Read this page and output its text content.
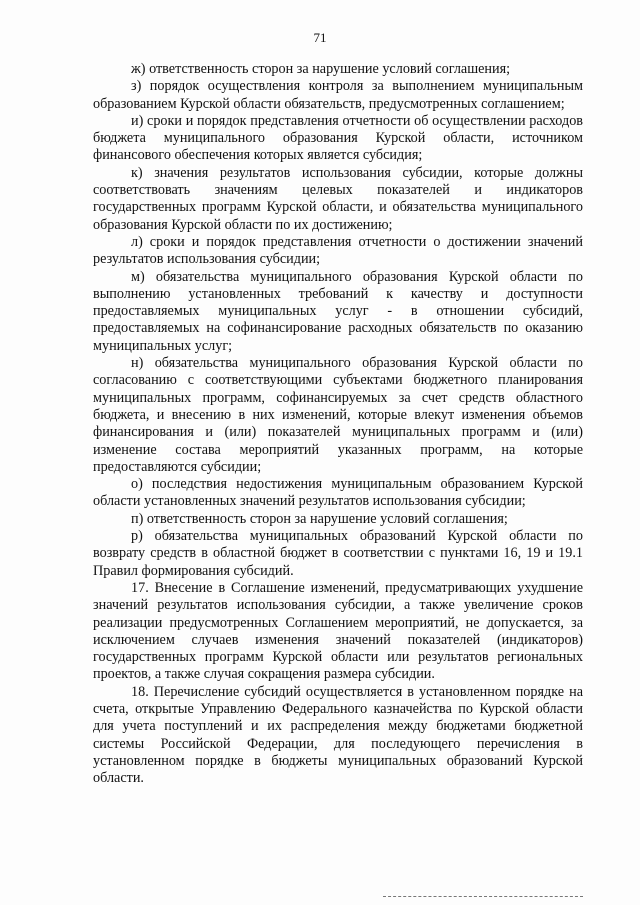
71

ж) ответственность сторон за нарушение условий соглашения;

з) порядок осуществления контроля за выполнением муниципальным образованием Курской области обязательств, предусмотренных соглашением;

и) сроки и порядок представления отчетности об осуществлении расходов бюджета муниципального образования Курской области, источником финансового обеспечения которых является субсидия;

к) значения результатов использования субсидии, которые должны соответствовать значениям целевых показателей и индикаторов государственных программ Курской области, и обязательства муниципального образования Курской области по их достижению;

л) сроки и порядок представления отчетности о достижении значений результатов использования субсидии;

м) обязательства муниципального образования Курской области по выполнению установленных требований к качеству и доступности предоставляемых муниципальных услуг - в отношении субсидий, предоставляемых на софинансирование расходных обязательств по оказанию муниципальных услуг;

н) обязательства муниципального образования Курской области по согласованию с соответствующими субъектами бюджетного планирования муниципальных программ, софинансируемых за счет средств областного бюджета, и внесению в них изменений, которые влекут изменения объемов финансирования и (или) показателей муниципальных программ и (или) изменение состава мероприятий указанных программ, на которые предоставляются субсидии;

о) последствия недостижения муниципальным образованием Курской области установленных значений результатов использования субсидии;

п) ответственность сторон за нарушение условий соглашения;

р) обязательства муниципальных образований Курской области по возврату средств в областной бюджет в соответствии с пунктами 16, 19 и 19.1 Правил формирования субсидий.

17. Внесение в Соглашение изменений, предусматривающих ухудшение значений результатов использования субсидии, а также увеличение сроков реализации предусмотренных Соглашением мероприятий, не допускается, за исключением случаев изменения значений показателей (индикаторов) государственных программ Курской области или результатов региональных проектов, а также случая сокращения размера субсидии.

18. Перечисление субсидий осуществляется в установленном порядке на счета, открытые Управлению Федерального казначейства по Курской области для учета поступлений и их распределения между бюджетами бюджетной системы Российской Федерации, для последующего перечисления в установленном порядке в бюджеты муниципальных образований Курской области.
